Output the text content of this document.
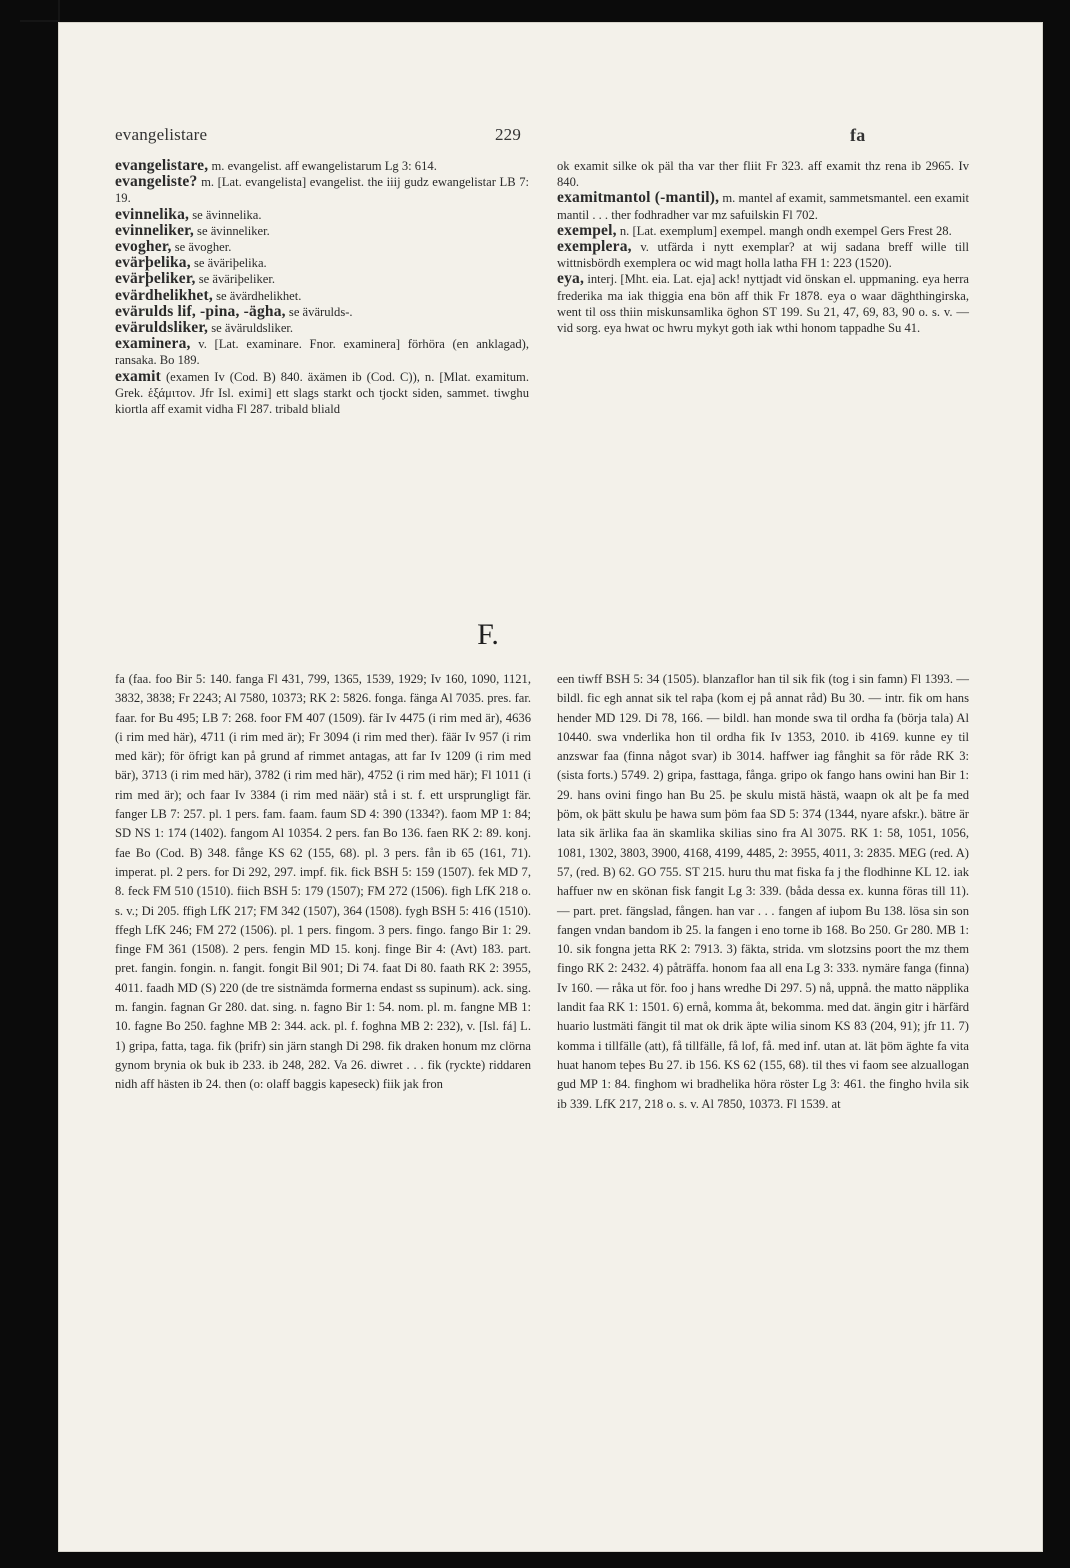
evangelistare	229	fa

evangelistare, m. evangelist. aff ewangelistarum Lg 3: 614.

evangeliste? m. [Lat. evangelista] evangelist. the iiij gudz ewangelistar LB 7: 19.

evinnelika, se ävinnelika.

evinneliker, se ävinneliker.

evogher, se ävogher.

evärþelika, se äväriþelika.

evärþeliker, se äväriþeliker.

evärdhelikhet, se ävärdhelikhet.

evärulds lif, -pina, -ägha, se ävärulds-.

eväruldsliker, se äväruldsliker.

examinera, v. [Lat. examinare. Fnor. examinera] förhöra (en anklagad), ransaka. Bo 189.

examit (examen Iv (Cod. B) 840. äxämen ib (Cod. C)), n. [Mlat. examitum. Grek. ἑξάμιτον. Jfr Isl. eximi] ett slags starkt och tjockt siden, sammet. tiwghu kiortla aff examit vidha Fl 287. tribald bliald

ok examit silke ok päl tha var ther fliit Fr 323. aff examit thz rena ib 2965. Iv 840.

examitmantol (-mantil), m. mantel af examit, sammetsmantel. een examit mantil . . . ther fodhradher var mz safuilskin Fl 702.

exempel, n. [Lat. exemplum] exempel. mangh ondh exempel Gers Frest 28.

exemplera, v. utfärda i nytt exemplar? at wij sadana breff wille till wittnisbördh exemplera oc wid magt holla latha FH 1: 223 (1520).

eya, interj. [Mht. eia. Lat. eja] ack! nyttjadt vid önskan el. uppmaning. eya herra frederika ma iak thiggia ena bön aff thik Fr 1878. eya o waar däghthingirska, went til oss thiin miskunsamlika öghon ST 199. Su 21, 47, 69, 83, 90 o. s. v. — vid sorg. eya hwat oc hwru mykyt goth iak wthi honom tappadhe Su 41.

F.

fa (faa. foo Bir 5: 140. fanga Fl 431, 799, 1365, 1539, 1929; Iv 160, 1090, 1121, 3832, 3838; Fr 2243; Al 7580, 10373; RK 2: 5826. fonga. fänga Al 7035. pres. far. faar. for Bu 495; LB 7: 268. foor FM 407 (1509). fär Iv 4475 (i rim med är), 4636 (i rim med här), 4711 (i rim med är); Fr 3094 (i rim med ther). fäär Iv 957 (i rim med kär); för öfrigt kan på grund af rimmet antagas, att far Iv 1209 (i rim med bär), 3713 (i rim med här), 3782 (i rim med här), 4752 (i rim med här); Fl 1011 (i rim med är); och faar Iv 3384 (i rim med näär) stå i st. f. ett ursprungligt fär. fanger LB 7: 257. pl. 1 pers. fam. faam. faum SD 4: 390 (1334?). faom MP 1: 84; SD NS 1: 174 (1402). fangom Al 10354. 2 pers. fan Bo 136. faen RK 2: 89. konj. fae Bo (Cod. B) 348. fånge KS 62 (155, 68). pl. 3 pers. fån ib 65 (161, 71). imperat. pl. 2 pers. for Di 292, 297. impf. fik. fick BSH 5: 159 (1507). fek MD 7, 8. feck FM 510 (1510). fiich BSH 5: 179 (1507); FM 272 (1506). figh LfK 218 o. s. v.; Di 205. ffigh LfK 217; FM 342 (1507), 364 (1508). fygh BSH 5: 416 (1510). ffegh LfK 246; FM 272 (1506). pl. 1 pers. fingom. 3 pers. fingo. fango Bir 1: 29. finge FM 361 (1508). 2 pers. fengin MD 15. konj. finge Bir 4: (Avt) 183. part. pret. fangin. fongin. n. fangit. fongit Bil 901; Di 74. faat Di 80. faath RK 2: 3955, 4011. faadh MD (S) 220 (de tre sistnämda formerna endast ss supinum). ack. sing. m. fangin. fagnan Gr 280. dat. sing. n. fagno Bir 1: 54. nom. pl. m. fangne MB 1: 10. fagne Bo 250. faghne MB 2: 344. ack. pl. f. foghna MB 2: 232), v. [Isl. fá] L. 1) gripa, fatta, taga. fik (þrifr) sin järn stangh Di 298. fik draken honum mz clörna gynom brynia ok buk ib 233. ib 248, 282. Va 26. diwret . . . fik (ryckte) riddaren nidh aff hästen ib 24. then (o: olaff baggis kapeseck) fiik jak fron

een tiwff BSH 5: 34 (1505). blanzaflor han til sik fik (tog i sin famn) Fl 1393. — bildl. fic egh annat sik tel raþa (kom ej på annat råd) Bu 30. — intr. fik om hans hender MD 129. Di 78, 166. — bildl. han monde swa til ordha fa (börja tala) Al 10440. swa vnderlika hon til ordha fik Iv 1353, 2010. ib 4169. kunne ey til anzswar faa (finna något svar) ib 3014. haffwer iag fånghit sa för råde RK 3: (sista forts.) 5749. 2) gripa, fasttaga, fånga. gripo ok fango hans owini han Bir 1: 29. hans ovini fingo han Bu 25. þe skulu mistä hästä, waapn ok alt þe fa med þöm, ok þätt skulu þe hawa sum þöm faa SD 5: 374 (1344, nyare afskr.). bätre är lata sik ärlika faa än skamlika skilias sino fra Al 3075. RK 1: 58, 1051, 1056, 1081, 1302, 3803, 3900, 4168, 4199, 4485, 2: 3955, 4011, 3: 2835. MEG (red. A) 57, (red. B) 62. GO 755. ST 215. huru thu mat fiska fa j the flodhinne KL 12. iak haffuer nw en skönan fisk fangit Lg 3: 339. (båda dessa ex. kunna föras till 11). — part. pret. fängslad, fången. han var . . . fangen af iuþom Bu 138. lösa sin son fangen vndan bandom ib 25. la fangen i eno torne ib 168. Bo 250. Gr 280. MB 1: 10. sik fongna jetta RK 2: 7913. 3) fäkta, strida. vm slotzsins poort the mz them fingo RK 2: 2432. 4) påträffa. honom faa all ena Lg 3: 333. nymäre fanga (finna) Iv 160. — råka ut för. foo j hans wredhe Di 297. 5) nå, uppnå. the matto näpplika landit faa RK 1: 1501. 6) ernå, komma åt, bekomma. med dat. ängin gitr i härfärd huario lustmäti fängit til mat ok drik äpte wilia sinom KS 83 (204, 91); jfr 11. 7) komma i tillfälle (att), få tillfälle, få lof, få. med inf. utan at. lät þöm äghte fa vita huat hanom teþes Bu 27. ib 156. KS 62 (155, 68). til thes vi faom see alzuallogan gud MP 1: 84. finghom wi bradhelika höra röster Lg 3: 461. the fingho hvila sik ib 339. LfK 217, 218 o. s. v. Al 7850, 10373. Fl 1539. at
